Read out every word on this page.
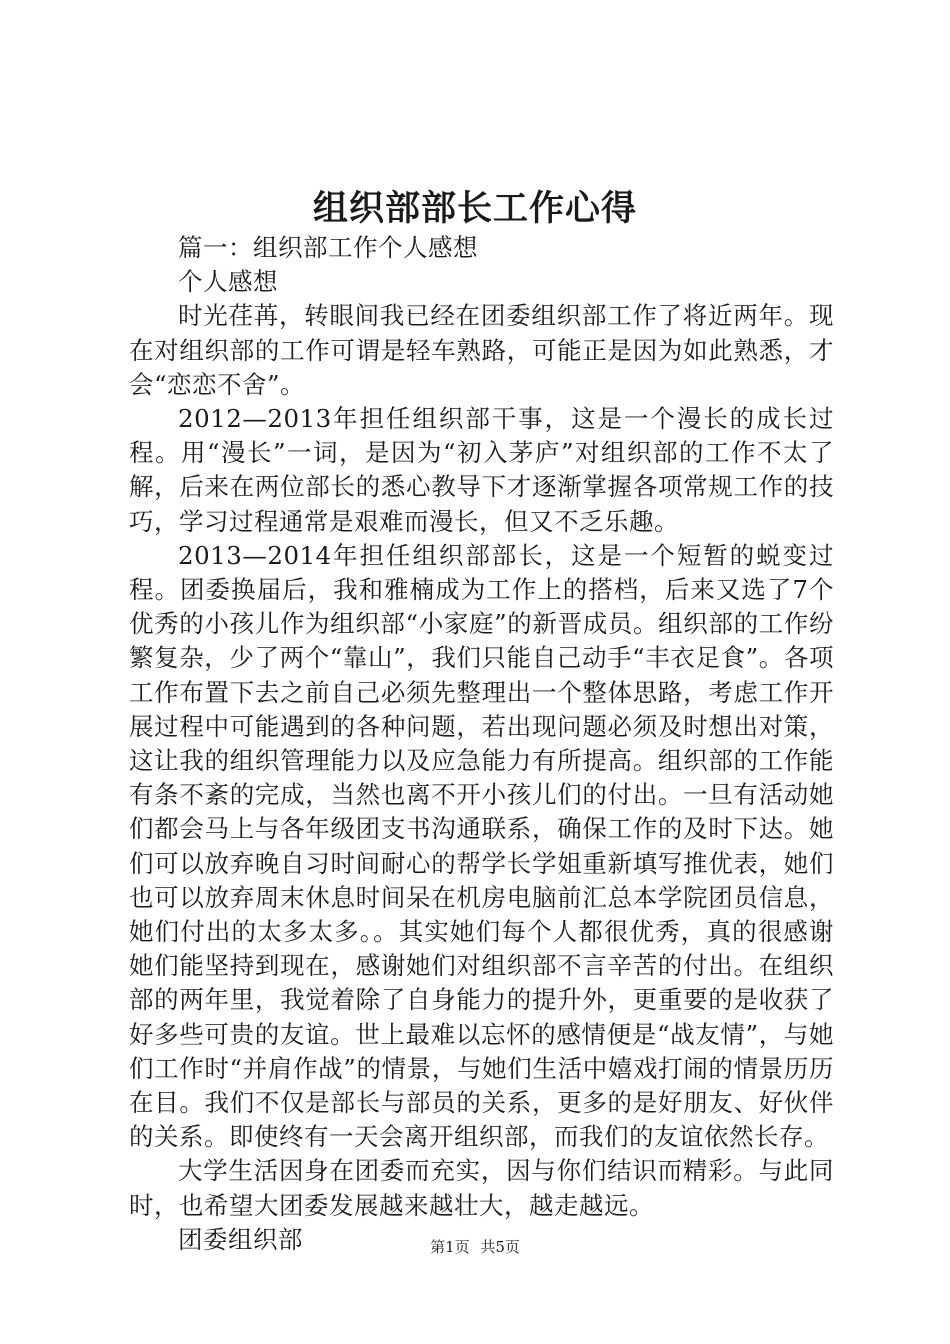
组织部部长工作心得

篇一：组织部工作个人感想

个人感想

时光荏苒，转眼间我已经在团委组织部工作了将近两年。现在对组织部的工作可谓是轻车熟路，可能正是因为如此熟悉，才会“恋恋不舍”。

2012—2013年担任组织部干事，这是一个漫长的成长过程。用“漫长”一词，是因为“初入茅庐”对组织部的工作不太了解，后来在两位部长的悉心教导下才逐渐掌握各项常规工作的技巧，学习过程通常是艰难而漫长，但又不乏乐趣。

2013—2014年担任组织部部长，这是一个短暂的蜕变过程。团委换届后，我和雅楠成为工作上的搭档，后来又选了7个优秀的小孩儿作为组织部“小家庭”的新晋成员。组织部的工作纷繁复杂，少了两个“靠山”，我们只能自己动手“丰衣足食”。各项工作布置下去之前自己必须先整理出一个整体思路，考虑工作开展过程中可能遇到的各种问题，若出现问题必须及时想出对策，这让我的组织管理能力以及应急能力有所提高。组织部的工作能有条不紊的完成，当然也离不开小孩儿们的付出。一旦有活动她们都会马上与各年级团支书沟通联系，确保工作的及时下达。她们可以放弃晚自习时间耐心的帮学长学姐重新填写推优表，她们也可以放弃周末休息时间呆在机房电脑前汇总本学院团员信息，她们付出的太多太多。。其实她们每个人都很优秀，真的很感谢她们能坚持到现在，感谢她们对组织部不言辛苦的付出。在组织部的两年里，我觉着除了自身能力的提升外，更重要的是收获了好多些可贵的友谊。世上最难以忘怀的感情便是“战友情”，与她们工作时“并肩作战”的情景，与她们生活中嬉戏打闹的情景历历在目。我们不仅是部长与部员的关系，更多的是好朋友、好伙伴的关系。即使终有一天会离开组织部，而我们的友谊依然长存。

大学生活因身在团委而充实，因与你们结识而精彩。与此同时，也希望大团委发展越来越壮大，越走越远。

团委组织部	第1页 共5页
